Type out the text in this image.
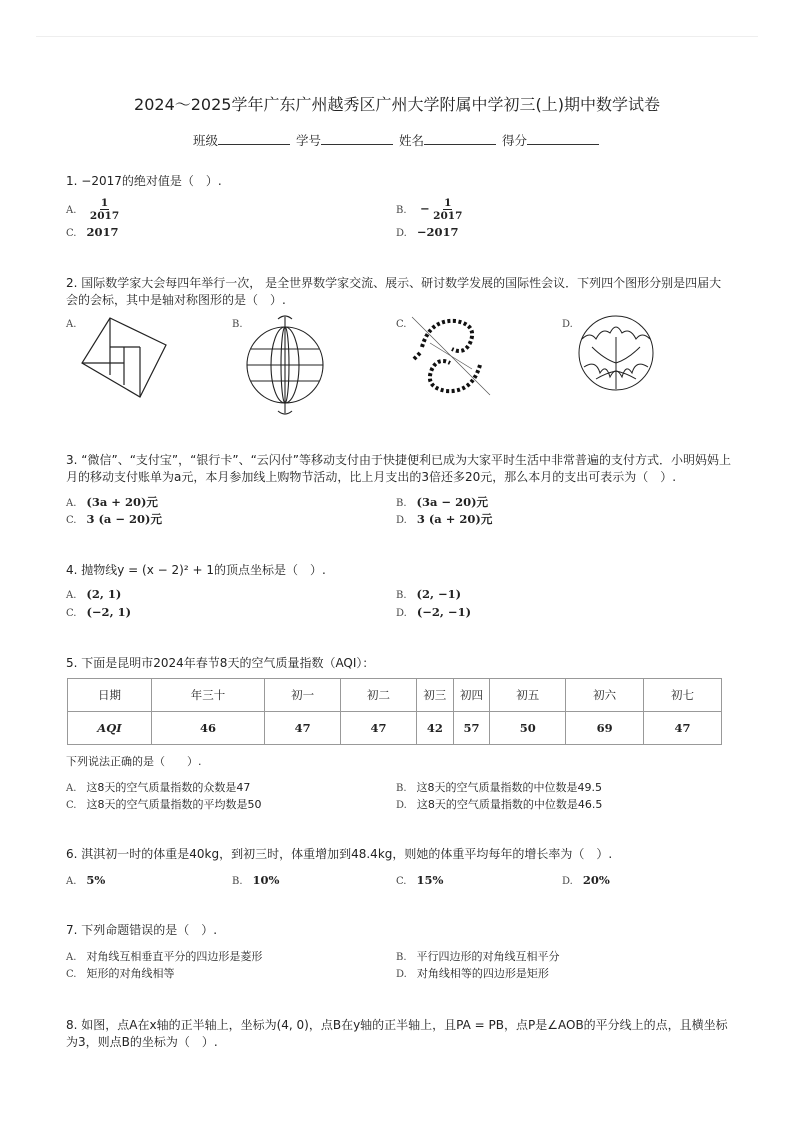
2024～2025学年广东广州越秀区广州大学附属中学初三(上)期中数学试卷
班级	学号	姓名	得分
1. −2017的绝对值是（　）.
A. $\frac{1}{2017}$	B. − $\frac{1}{2017}$
C. 2017	D. −2017
2. 国际数学家大会每四年举行一次， 是全世界数学家交流、展示、研讨数学发展的国际性会议．下列四个图形分别是四届大会的会标，其中是轴对称图形的是（　）.
A.	B.	C.	D.
3. “微信”、“支付宝”，“银行卡”、“云闪付”等移动支付由于快捷便利已成为大家平时生活中非常普遍的支付方式．小明妈妈上月的移动支付账单为a元，本月参加线上购物节活动，比上月支出的3倍还多20元，那么本月的支出可表示为（　）.
A. (3a + 20)元	B. (3a − 20)元
C. 3 (a − 20)元	D. 3 (a + 20)元
4. 抛物线y = (x − 2)² + 1的顶点坐标是（　）.
A. (2, 1)	B. (2, −1)
C. (−2, 1)	D. (−2, −1)
5. 下面是昆明市2024年春节8天的空气质量指数（AQI）：
日期	年三十	初一	初二	初三	初四	初五	初六	初七
AQI	46	47	47	42	57	50	69	47
下列说法正确的是（　　）.
A. 这8天的空气质量指数的众数是47	B. 这8天的空气质量指数的中位数是49.5
C. 这8天的空气质量指数的平均数是50	D. 这8天的空气质量指数的中位数是46.5
6. 淇淇初一时的体重是40kg，到初三时，体重增加到48.4kg，则她的体重平均每年的增长率为（　）.
A. 5%	B. 10%	C. 15%	D. 20%
7. 下列命题错误的是（　）.
A. 对角线互相垂直平分的四边形是菱形	B. 平行四边形的对角线互相平分
C. 矩形的对角线相等	D. 对角线相等的四边形是矩形
8. 如图，点A在x轴的正半轴上，坐标为(4, 0)，点B在y轴的正半轴上，且PA = PB，点P是∠AOB的平分线上的点，且横坐标为3，则点B的坐标为（　）.
